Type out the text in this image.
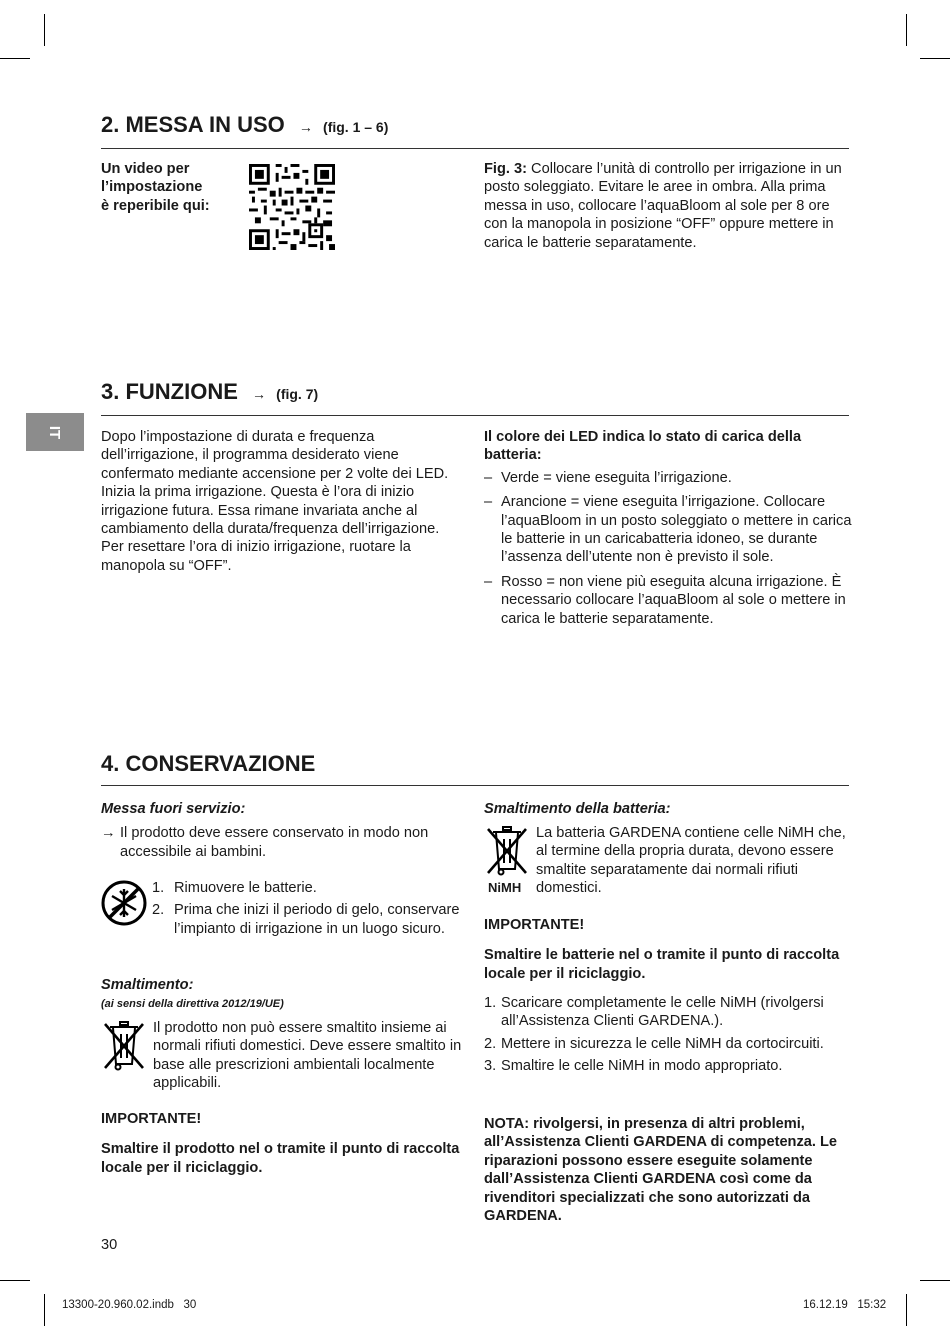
IT
2. MESSA IN USO → (fig. 1 – 6)
Un video per
l’impostazione
è reperibile qui:
Fig. 3: Collocare l’unità di controllo per irrigazione in un posto soleggiato. Evitare le aree in ombra. Alla prima messa in uso, collocare l’aquaBloom al sole per 8 ore con la manopola in posizione “OFF” oppure mettere in carica le batterie separatamente.
3. FUNZIONE → (fig. 7)
Dopo l’impostazione di durata e frequenza dell’irrigazione, il programma desiderato viene confermato mediante accensione per 2 volte dei LED. Inizia la prima irrigazione. Questa è l’ora di inizio irrigazione futura. Essa rimane invariata anche al cambiamento della durata/frequenza dell’irrigazione. Per resettare l’ora di inizio irrigazione, ruotare la manopola su “OFF”.

Il colore dei LED indica lo stato di carica della batteria:

– Verde = viene eseguita l’irrigazione.
– Arancione = viene eseguita l’irrigazione. Collocare l’aquaBloom in un posto soleggiato o mettere in carica le batterie in un caricabatteria idoneo, se durante l’assenza dell’utente non è previsto il sole.
– Rosso = non viene più eseguita alcuna irrigazione. È necessario collocare l’aquaBloom al sole o mettere in carica le batterie separatamente.
4. CONSERVAZIONE

Messa fuori servizio:

→ Il prodotto deve essere conservato in modo non accessibile ai bambini.
1. Rimuovere le batterie.
2. Prima che inizi il periodo di gelo, conservare l’impianto di irrigazione in un luogo sicuro.

Smaltimento:

(ai sensi della direttiva 2012/19/UE)

Il prodotto non può essere smaltito insieme ai normali rifiuti domestici. Deve essere smaltito in base alle prescrizioni ambientali localmente applicabili.

IMPORTANTE!

Smaltire il prodotto nel o tramite il punto di raccolta locale per il riciclaggio.

Smaltimento della batteria:

NiMH
La batteria GARDENA contiene celle NiMH che, al termine della propria durata, devono essere smaltite separatamente dai normali rifiuti domestici.

IMPORTANTE!

Smaltire le batterie nel o tramite il punto di raccolta locale per il riciclaggio.

1. Scaricare completamente le celle NiMH (rivolgersi all’Assistenza Clienti GARDENA.).
2. Mettere in sicurezza le celle NiMH da cortocircuiti.
3. Smaltire le celle NiMH in modo appropriato.
NOTA: rivolgersi, in presenza di altri problemi, all’Assistenza Clienti GARDENA di competenza. Le riparazioni possono essere eseguite solamente dall’Assistenza Clienti GARDENA così come da rivenditori specializzati che sono autorizzati da GARDENA.
30
13300-20.960.02.indb   30	16.12.19   15:32
